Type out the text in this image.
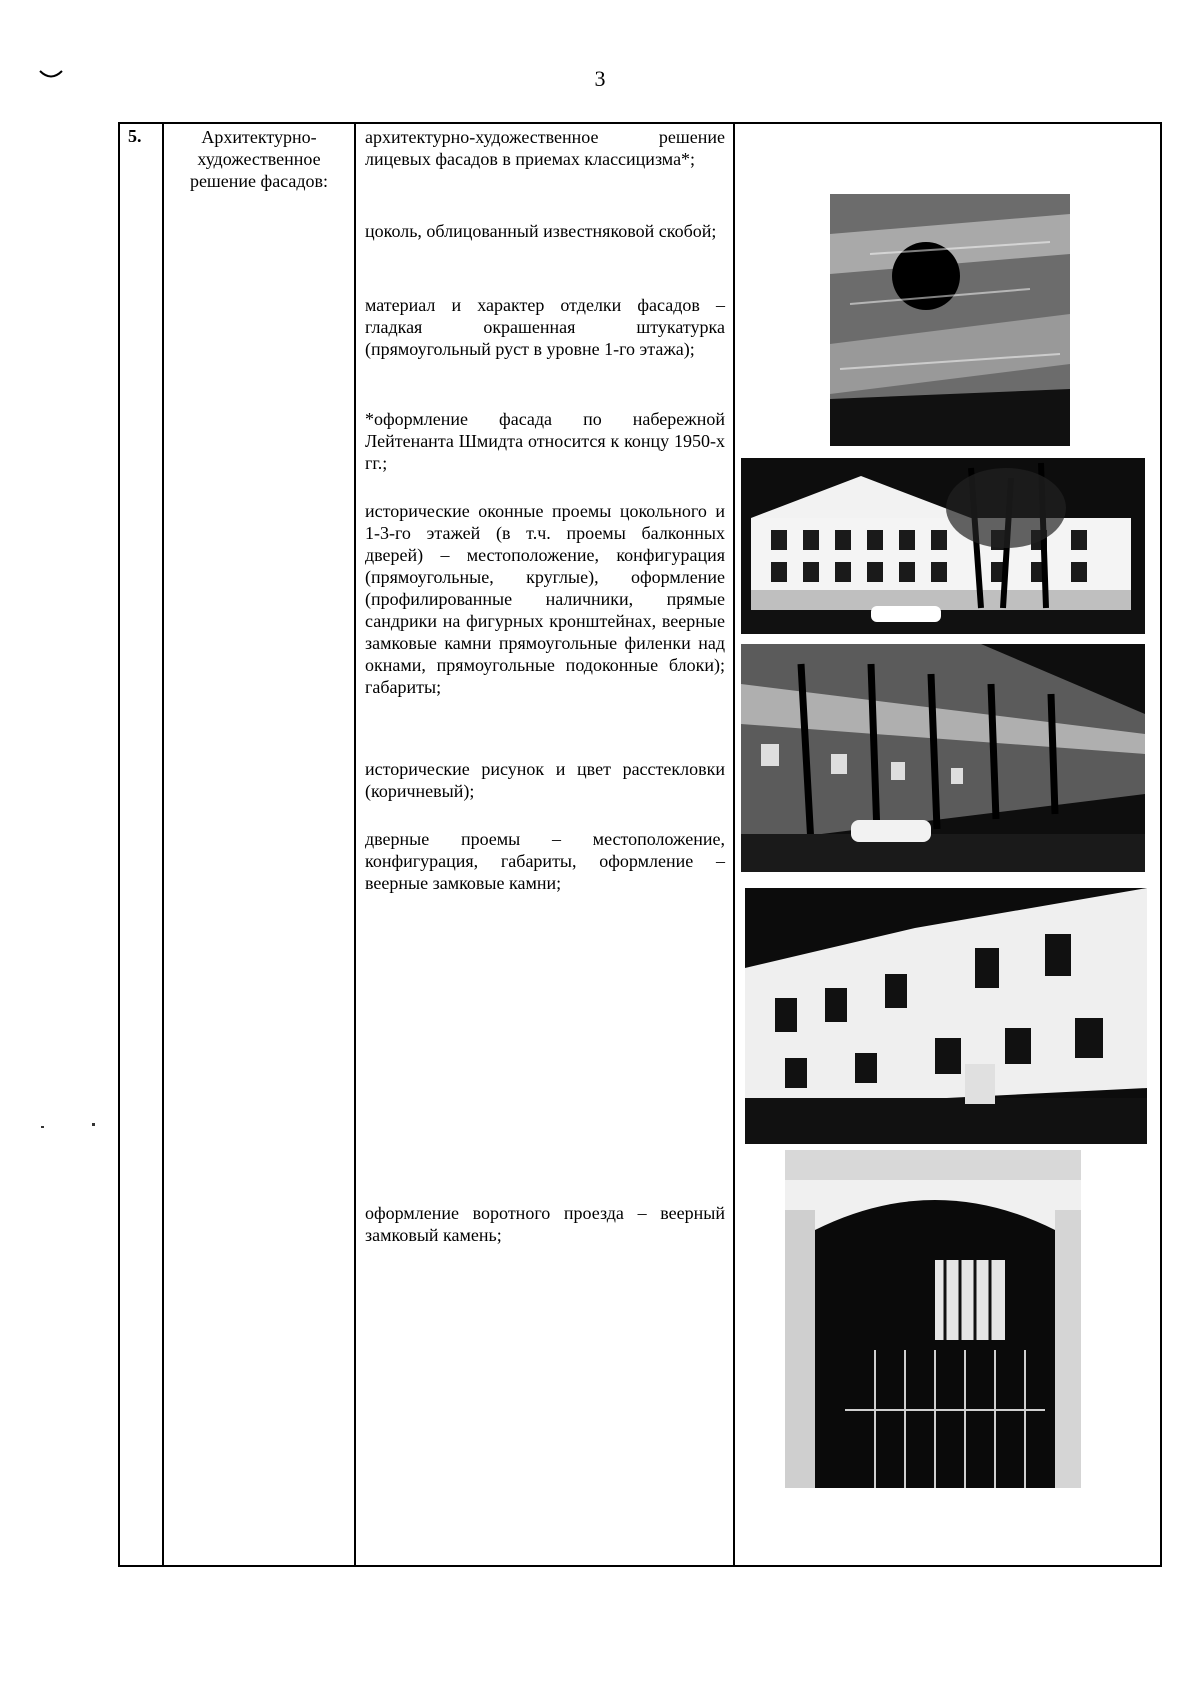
3
5.	Архитектурно-художественное решение фасадов:
архитектурно-художественное решение лицевых фасадов в приемах классицизма*;
цоколь, облицованный известняковой скобой;
материал и характер отделки фасадов – гладкая окрашенная штукатурка (прямоугольный руст в уровне 1-го этажа);
*оформление фасада по набережной Лейтенанта Шмидта относится к концу 1950-х гг.;
исторические оконные проемы цокольного и 1-3-го этажей (в т.ч. проемы балконных дверей) – местоположение, конфигурация (прямоугольные, круглые), оформление (профилированные наличники, прямые сандрики на фигурных кронштейнах, веерные замковые камни прямоугольные филенки над окнами, прямоугольные подоконные блоки); габариты;
исторические рисунок и цвет расстекловки (коричневый);
дверные проемы – местоположение, конфигурация, габариты, оформление – веерные замковые камни;
оформление воротного проезда – веерный замковый камень;
